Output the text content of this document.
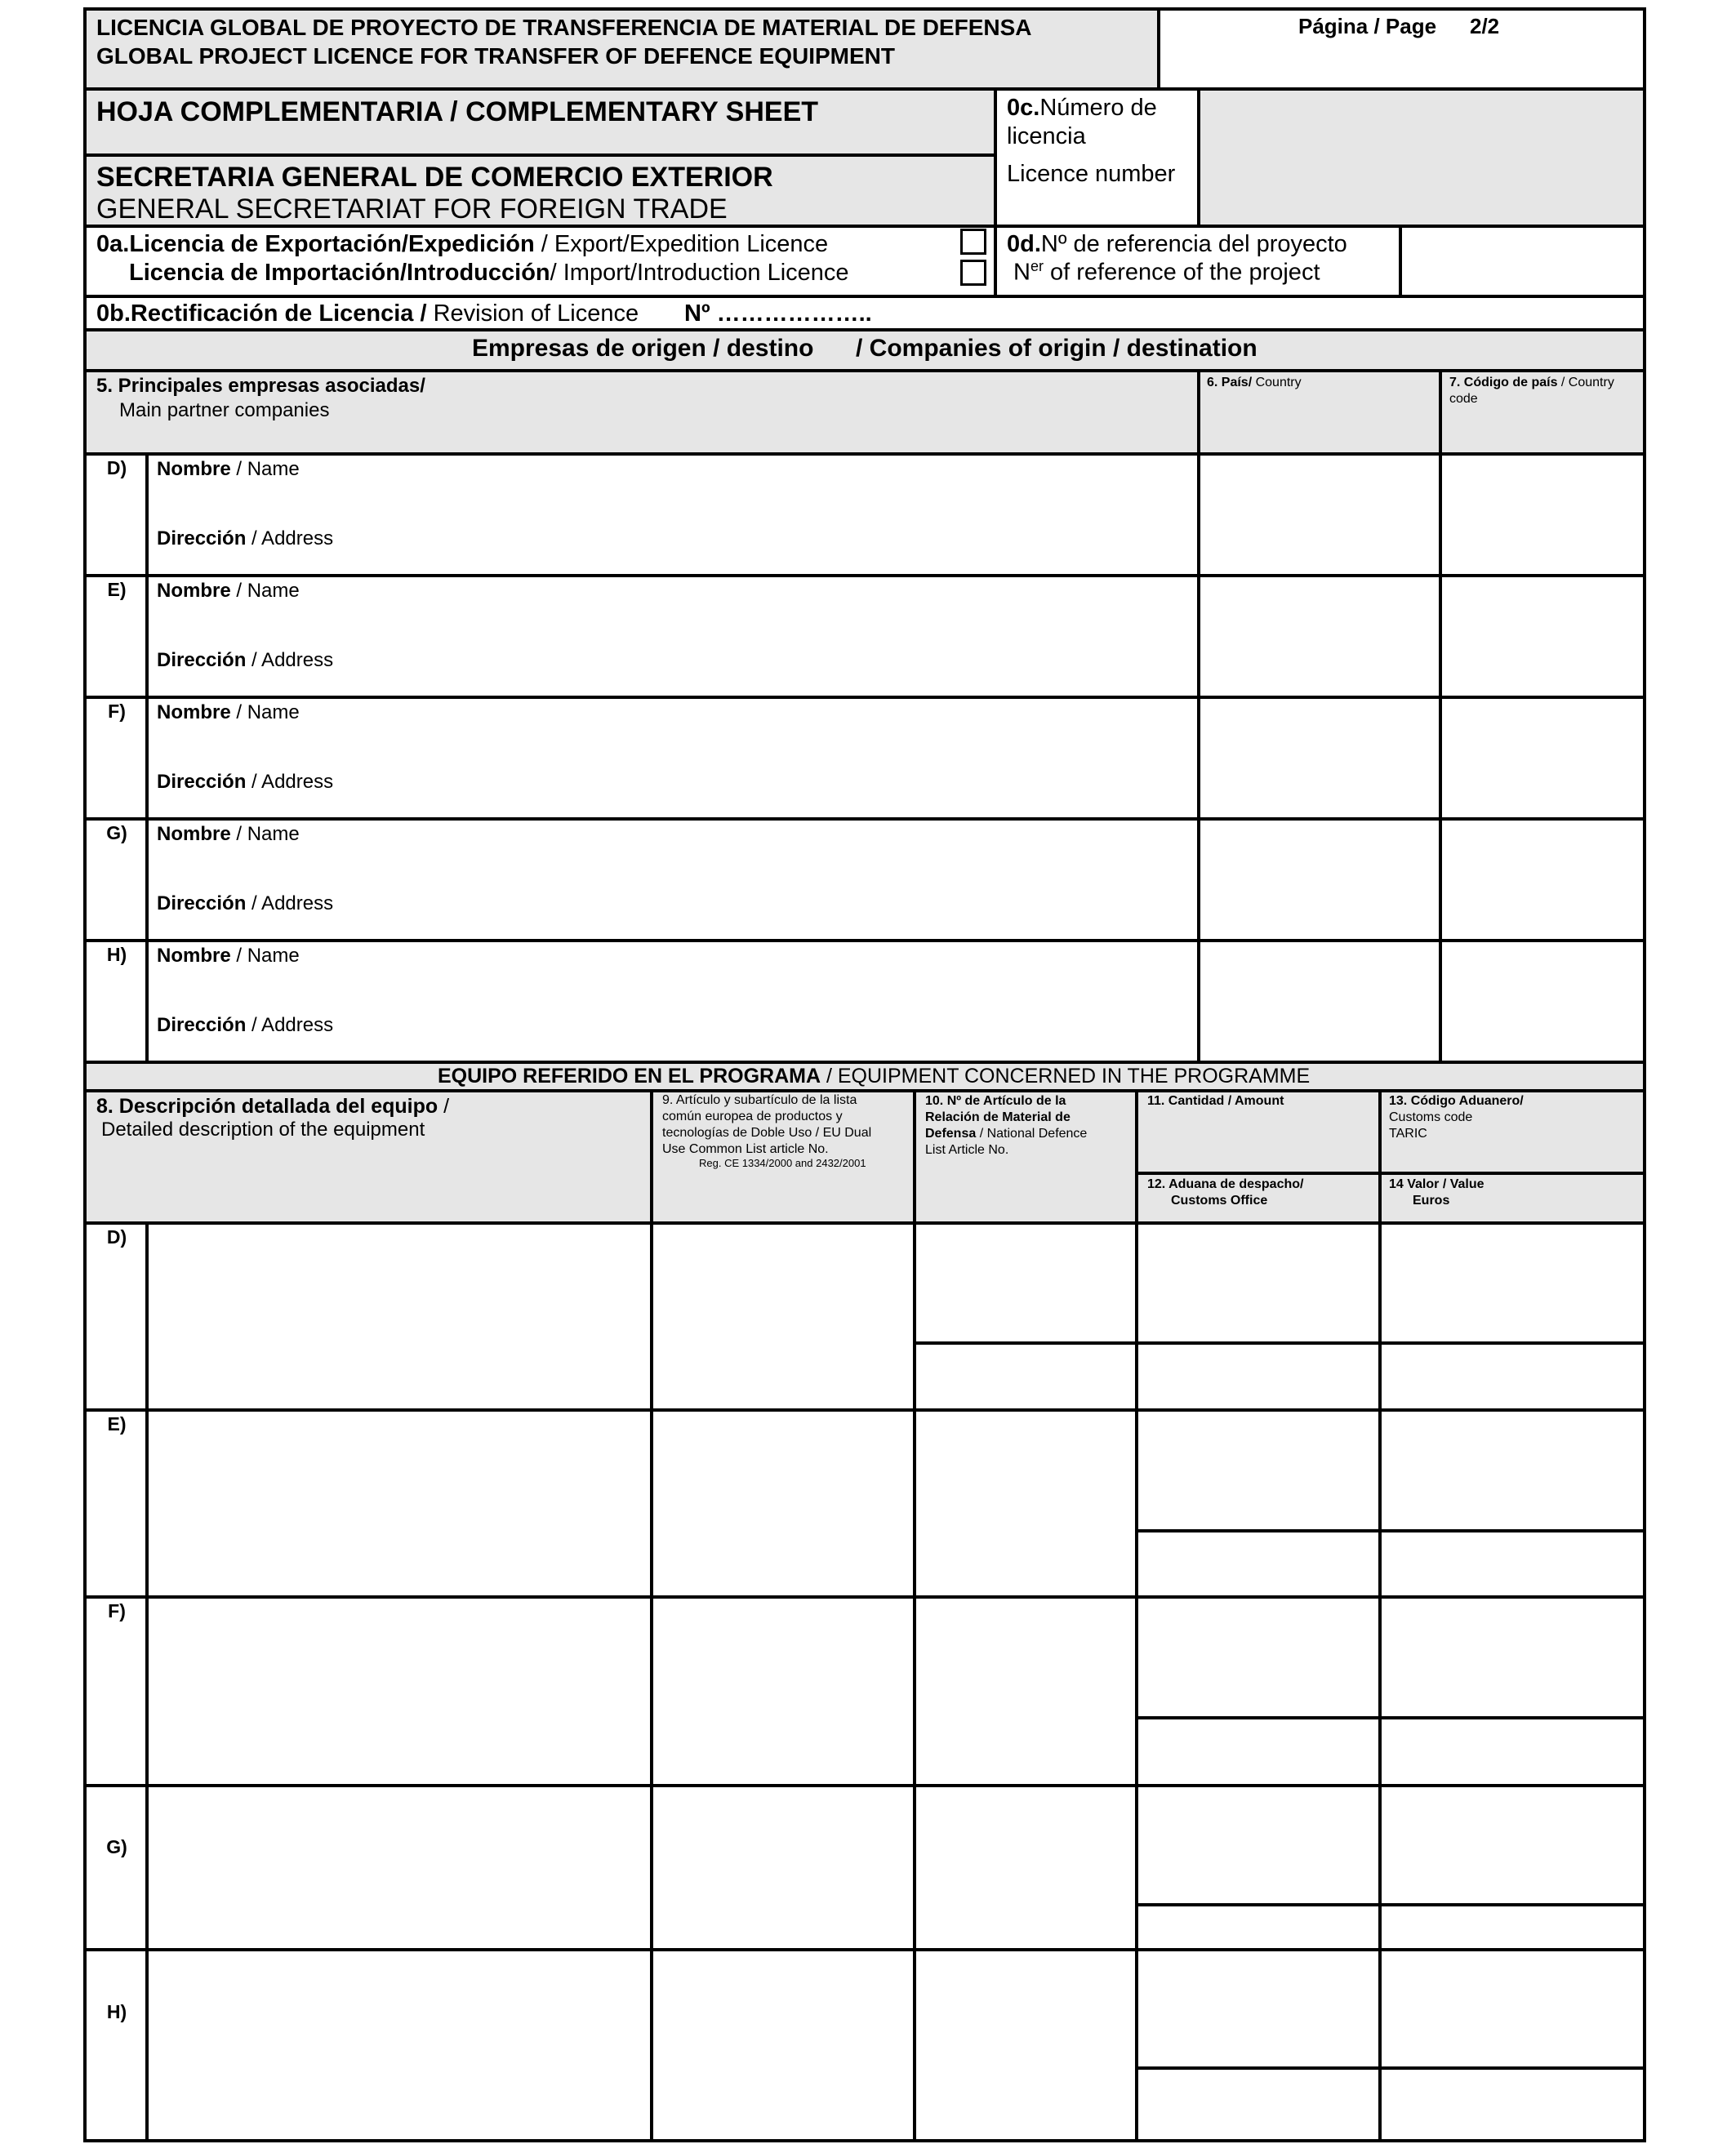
LICENCIA GLOBAL DE PROYECTO DE TRANSFERENCIA DE MATERIAL DE DEFENSA
GLOBAL PROJECT LICENCE FOR TRANSFER OF DEFENCE EQUIPMENT
Página / Page 2/2
HOJA COMPLEMENTARIA / COMPLEMENTARY SHEET
SECRETARIA GENERAL DE COMERCIO EXTERIOR
GENERAL SECRETARIAT FOR FOREIGN TRADE
0c.Número de
licencia
Licence number
0a.Licencia de Exportación/Expedición / Export/Expedition Licence
Licencia de Importación/Introducción/ Import/Introduction Licence
0d.Nº de referencia del proyecto
$N^{er}$ of reference of the project
0b.Rectificación de Licencia / Revision of Licence Nº ………………..
Empresas de origen / destino / Companies of origin / destination
5. Principales empresas asociadas/
Main partner companies
6. País/ Country	7. Código de país / Country
code
D)	Nombre / Name
Dirección / Address
E)	Nombre / Name
Dirección / Address
F)	Nombre / Name
Dirección / Address
G)	Nombre / Name
Dirección / Address
H)	Nombre / Name
Dirección / Address
EQUIPO REFERIDO EN EL PROGRAMA / EQUIPMENT CONCERNED IN THE PROGRAMME
8. Descripción detallada del equipo /
Detailed description of the equipment
9. Artículo y subartículo de la lista
común europea de productos y
tecnologías de Doble Uso / EU Dual
Use Common List article No.
Reg. CE 1334/2000 and 2432/2001
10. Nº de Artículo de la
Relación de Material de
Defensa / National Defence
List Article No.
11. Cantidad / Amount
12. Aduana de despacho/
Customs Office
13. Código Aduanero/
Customs code
TARIC
14 Valor / Value
Euros
D)
E)
F)
G)
H)
